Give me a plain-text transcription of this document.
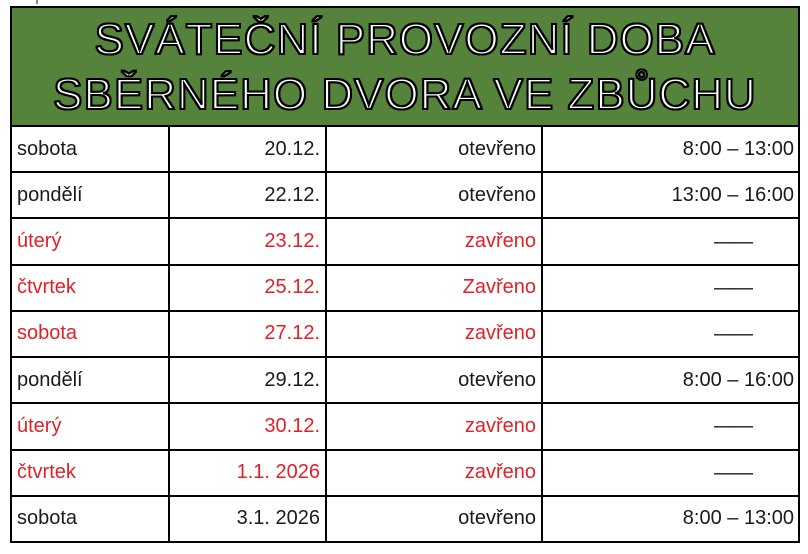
SVÁTEČNÍ PROVOZNÍ DOBA
SBĚRNÉHO DVORA VE ZBŮCHU
sobota	20.12.	otevřeno	8:00 – 13:00
pondělí	22.12.	otevřeno	13:00 – 16:00
úterý	23.12.	zavřeno	——
čtvrtek	25.12.	Zavřeno	——
sobota	27.12.	zavřeno	——
pondělí	29.12.	otevřeno	8:00 – 16:00
úterý	30.12.	zavřeno	——
čtvrtek	1.1. 2026	zavřeno	——
sobota	3.1. 2026	otevřeno	8:00 – 13:00
